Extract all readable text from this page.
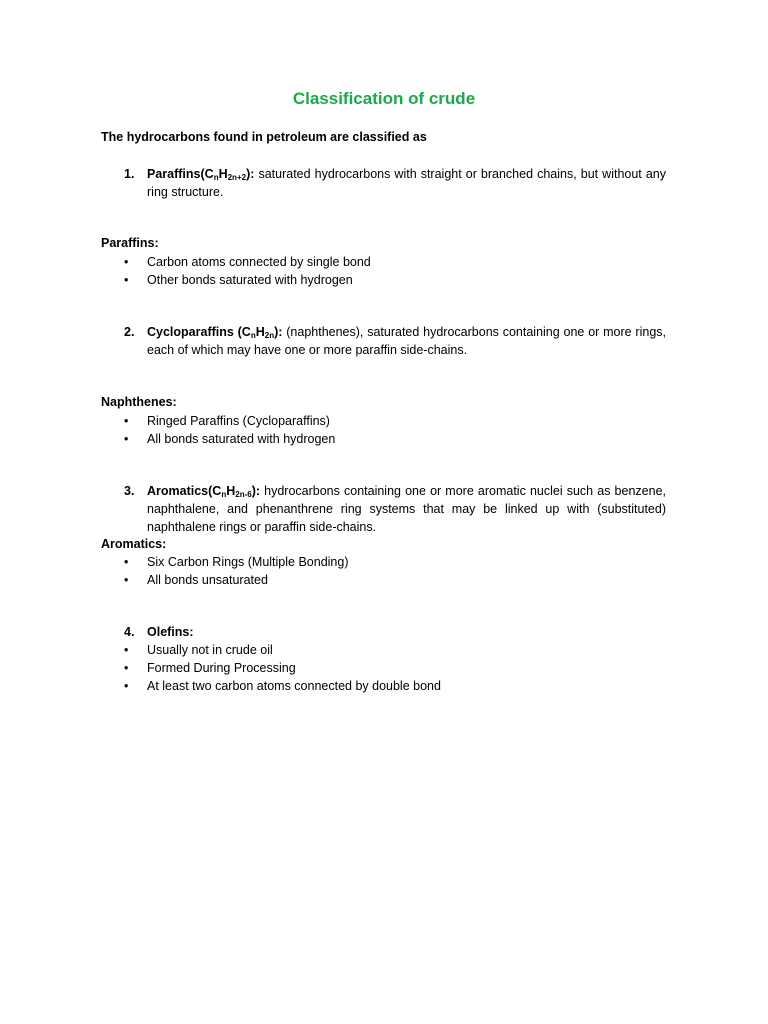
Classification of crude

The hydrocarbons found in petroleum are classified as

1. $Paraffins(C_nH_{2n+2})$: saturated hydrocarbons with straight or branched chains, but without any ring structure.

Paraffins:

• Carbon atoms connected by single bond
• Other bonds saturated with hydrogen
2. Cycloparaffins $(C_nH_{2n})$: (naphthenes), saturated hydrocarbons containing one or more rings, each of which may have one or more paraffin side-chains.

Naphthenes:

• Ringed Paraffins (Cycloparaffins)
• All bonds saturated with hydrogen
3. $Aromatics(C_nH_{2n-6})$: hydrocarbons containing one or more aromatic nuclei such as benzene, naphthalene, and phenanthrene ring systems that may be linked up with (substituted) naphthalene rings or paraffin side-chains.

Aromatics:

• Six Carbon Rings (Multiple Bonding)
• All bonds unsaturated
4. Olefins:
• Usually not in crude oil
• Formed During Processing
• At least two carbon atoms connected by double bond
